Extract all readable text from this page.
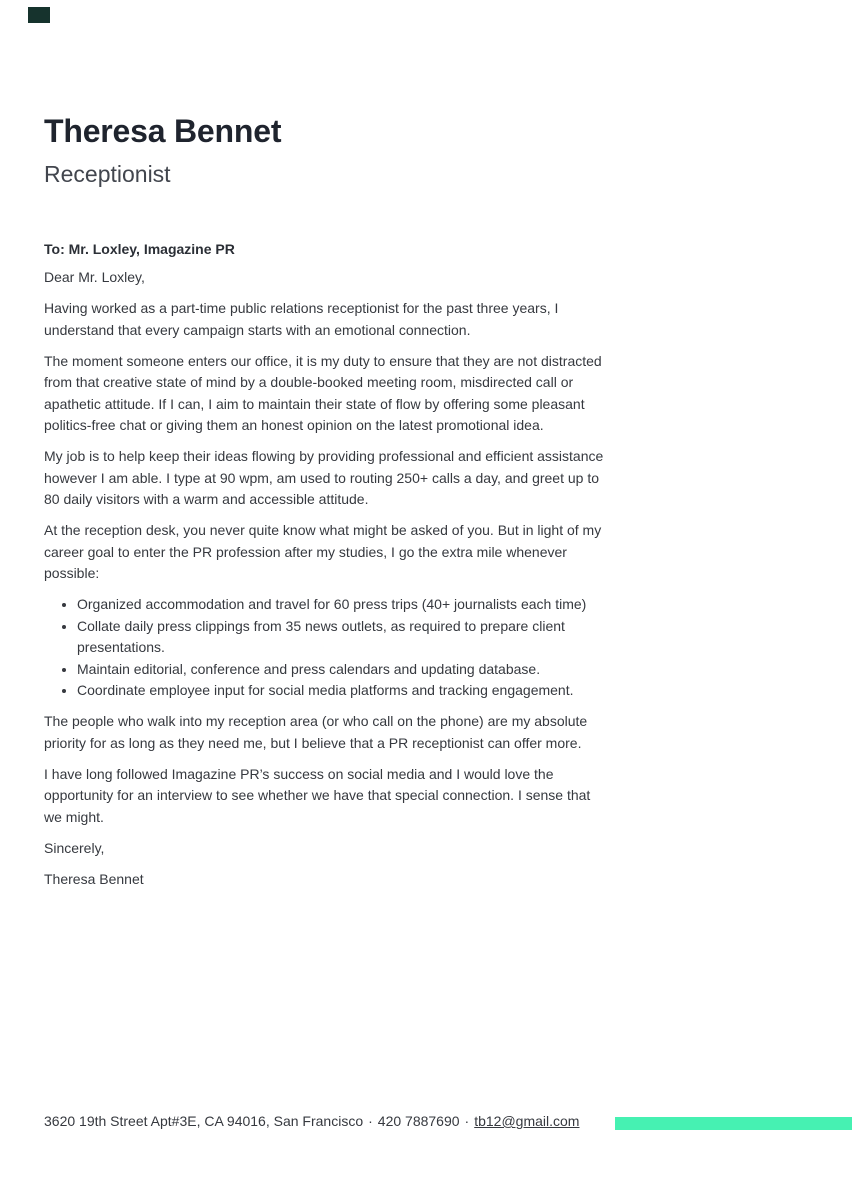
Theresa Bennet
Receptionist
To: Mr. Loxley, Imagazine PR

Dear Mr. Loxley,

Having worked as a part-time public relations receptionist for the past three years, I understand that every campaign starts with an emotional connection.

The moment someone enters our office, it is my duty to ensure that they are not distracted from that creative state of mind by a double-booked meeting room, misdirected call or apathetic attitude. If I can, I aim to maintain their state of flow by offering some pleasant politics-free chat or giving them an honest opinion on the latest promotional idea.

My job is to help keep their ideas flowing by providing professional and efficient assistance however I am able. I type at 90 wpm, am used to routing 250+ calls a day, and greet up to 80 daily visitors with a warm and accessible attitude.

At the reception desk, you never quite know what might be asked of you. But in light of my career goal to enter the PR profession after my studies, I go the extra mile whenever possible:

• Organized accommodation and travel for 60 press trips (40+ journalists each time)
• Collate daily press clippings from 35 news outlets, as required to prepare client presentations.
• Maintain editorial, conference and press calendars and updating database.
• Coordinate employee input for social media platforms and tracking engagement.

The people who walk into my reception area (or who call on the phone) are my absolute priority for as long as they need me, but I believe that a PR receptionist can offer more.

I have long followed Imagazine PR’s success on social media and I would love the opportunity for an interview to see whether we have that special connection. I sense that we might.

Sincerely,

Theresa Bennet

3620 19th Street Apt#3E, CA 94016, San Francisco · 420 7887690 · tb12@gmail.com
